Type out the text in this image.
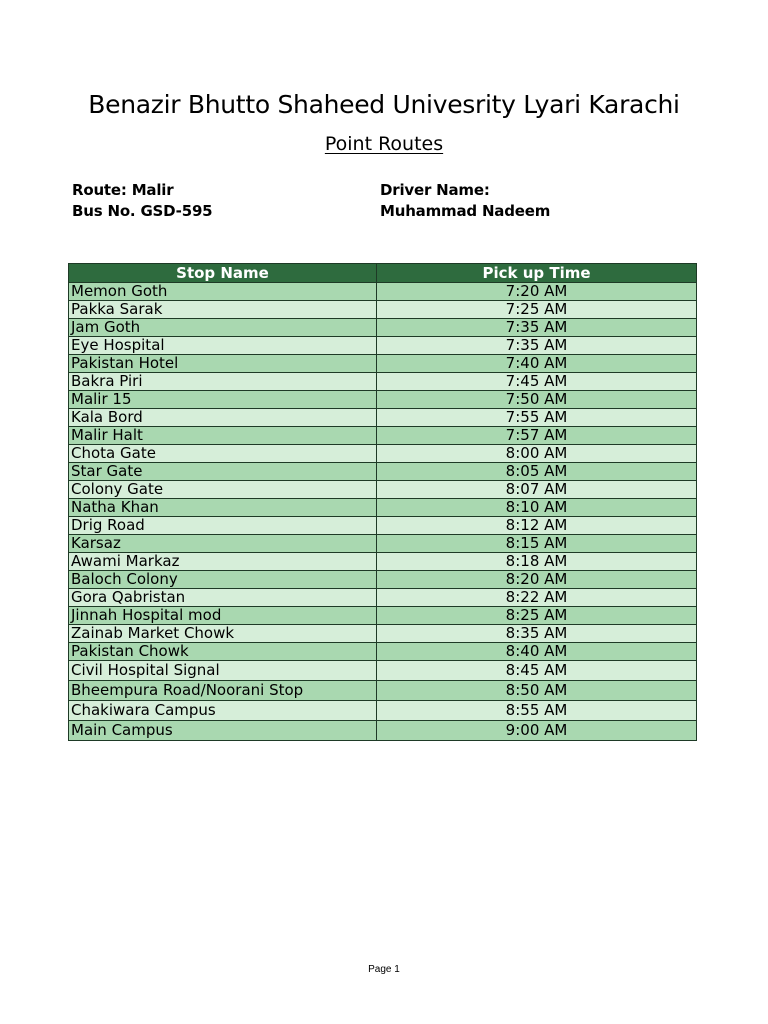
Benazir Bhutto Shaheed Univesrity Lyari Karachi
Point Routes
Route: Malir
Bus No. GSD-595
Driver Name:
Muhammad Nadeem
Stop Name	Pick up Time
Memon Goth	7:20 AM
Pakka Sarak	7:25 AM
Jam Goth	7:35 AM
Eye Hospital	7:35 AM
Pakistan Hotel	7:40 AM
Bakra Piri	7:45 AM
Malir 15	7:50 AM
Kala Bord	7:55 AM
Malir Halt	7:57 AM
Chota Gate	8:00 AM
Star Gate	8:05 AM
Colony Gate	8:07 AM
Natha Khan	8:10 AM
Drig Road	8:12 AM
Karsaz	8:15 AM
Awami Markaz	8:18 AM
Baloch Colony	8:20 AM
Gora Qabristan	8:22 AM
Jinnah Hospital mod	8:25 AM
Zainab Market Chowk	8:35 AM
Pakistan Chowk	8:40 AM
Civil Hospital Signal	8:45 AM
Bheempura Road/Noorani Stop	8:50 AM
Chakiwara Campus	8:55 AM
Main Campus	9:00 AM
Page 1
